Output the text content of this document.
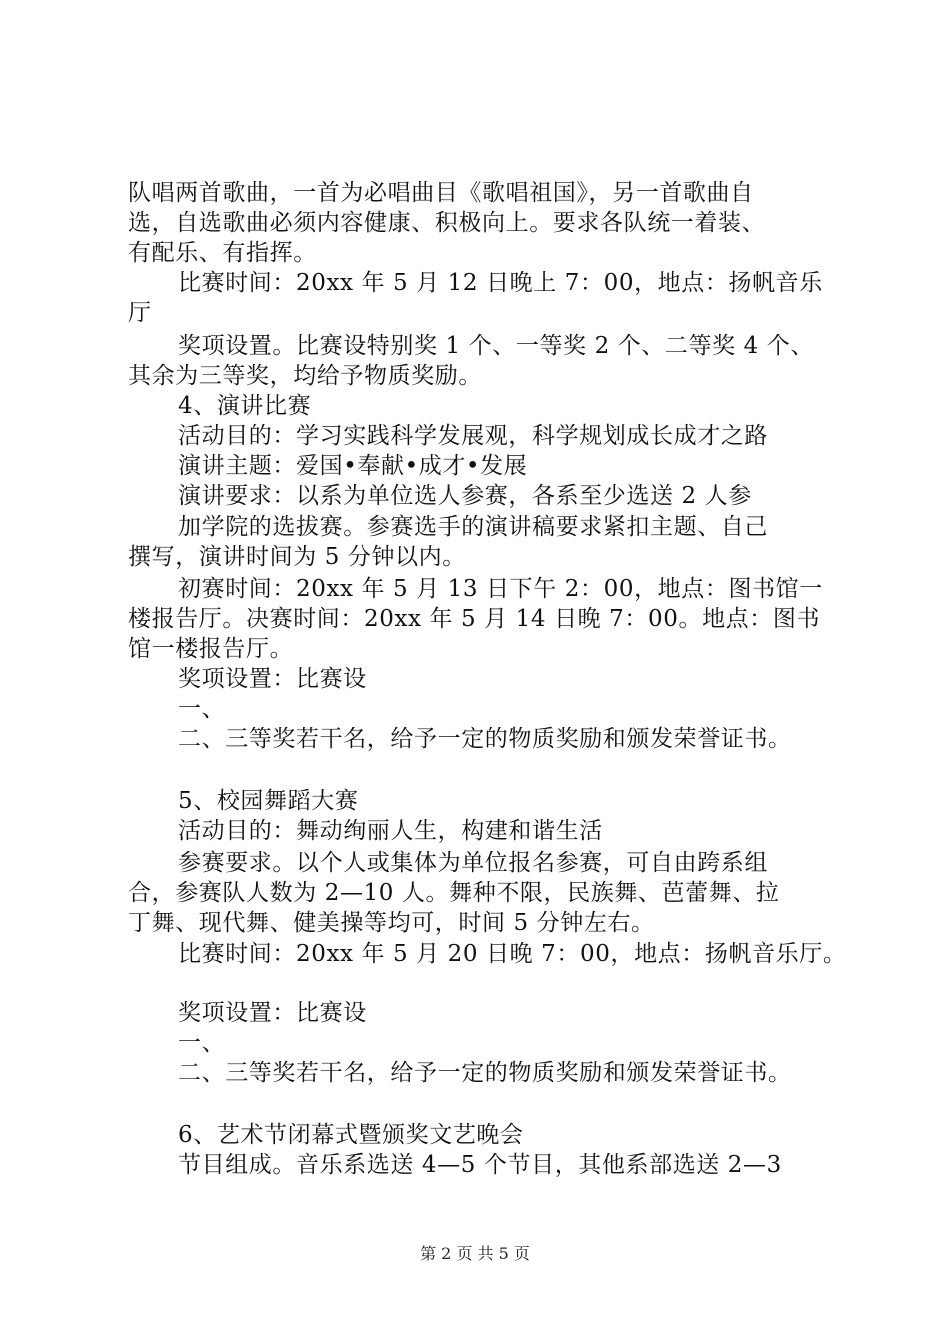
队唱两首歌曲，一首为必唱曲目《歌唱祖国》，另一首歌曲自
选，自选歌曲必须内容健康、积极向上。要求各队统一着装、
有配乐、有指挥。
比赛时间：20xx 年 5 月 12 日晚上 7：00，地点：扬帆音乐
厅
奖项设置。比赛设特别奖 1 个、一等奖 2 个、二等奖 4 个、
其余为三等奖，均给予物质奖励。
4、演讲比赛
活动目的：学习实践科学发展观，科学规划成长成才之路
演讲主题：爱国•奉献•成才•发展
演讲要求：以系为单位选人参赛，各系至少选送 2 人参
加学院的选拔赛。参赛选手的演讲稿要求紧扣主题、自己
撰写，演讲时间为 5 分钟以内。
初赛时间：20xx 年 5 月 13 日下午 2：00，地点：图书馆一
楼报告厅。决赛时间：20xx 年 5 月 14 日晚 7：00。地点：图书
馆一楼报告厅。
奖项设置：比赛设
一、
二、三等奖若干名，给予一定的物质奖励和颁发荣誉证书。
5、校园舞蹈大赛
活动目的：舞动绚丽人生，构建和谐生活
参赛要求。以个人或集体为单位报名参赛，可自由跨系组
合，参赛队人数为 2—10 人。舞种不限，民族舞、芭蕾舞、拉
丁舞、现代舞、健美操等均可，时间 5 分钟左右。
比赛时间：20xx 年 5 月 20 日晚 7：00，地点：扬帆音乐厅。
奖项设置：比赛设
一、
二、三等奖若干名，给予一定的物质奖励和颁发荣誉证书。
6、艺术节闭幕式暨颁奖文艺晚会
节目组成。音乐系选送 4—5 个节目，其他系部选送 2—3
第 2 页 共 5 页
